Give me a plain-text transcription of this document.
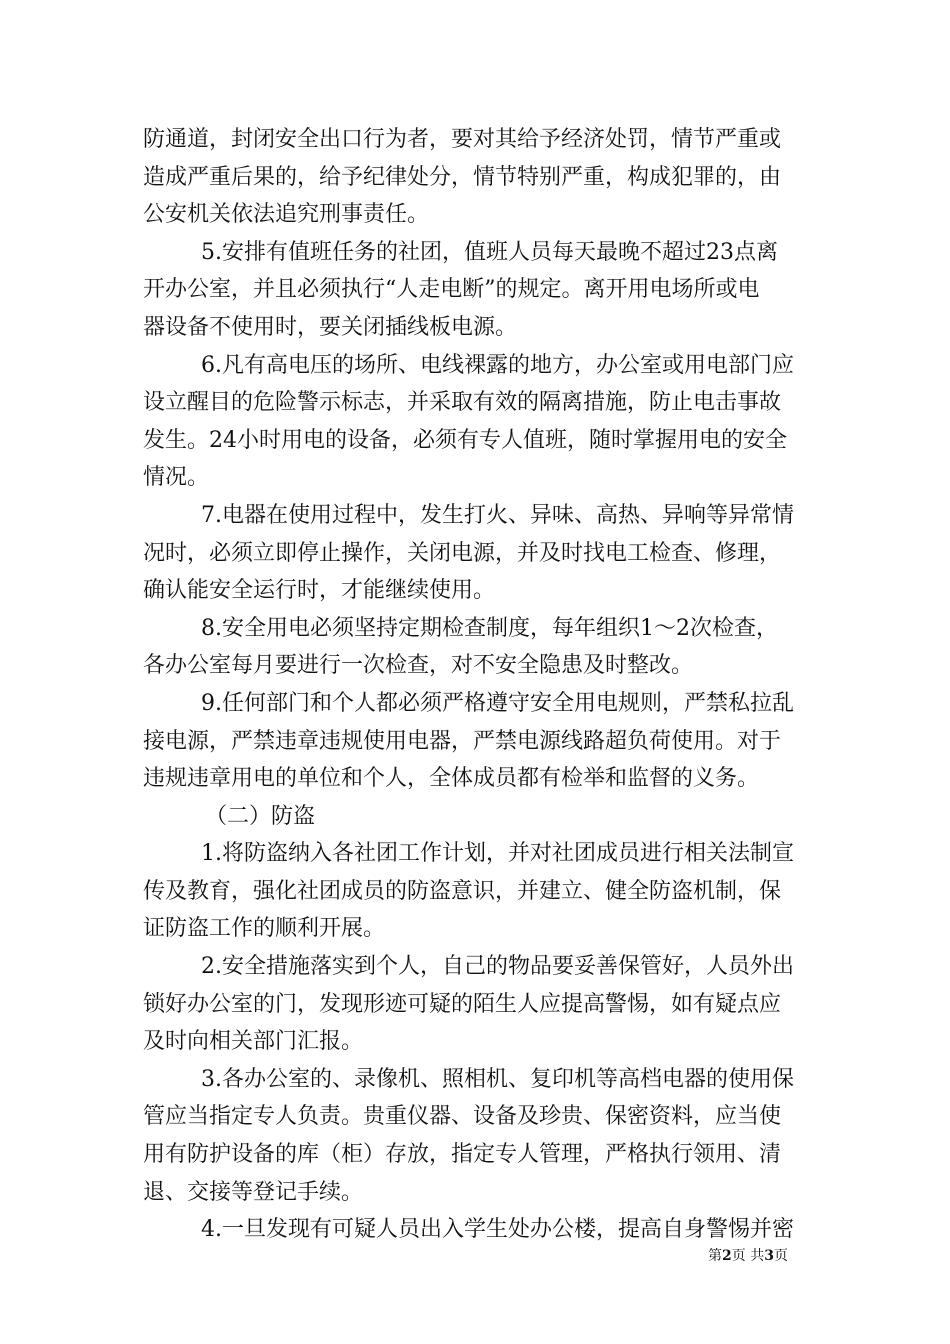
防通道，封闭安全出口行为者，要对其给予经济处罚，情节严重或
造成严重后果的，给予纪律处分，情节特别严重，构成犯罪的，由
公安机关依法追究刑事责任。
5.安排有值班任务的社团，值班人员每天最晚不超过23点离
开办公室，并且必须执行“人走电断”的规定。离开用电场所或电
器设备不使用时，要关闭插线板电源。
6.凡有高电压的场所、电线裸露的地方，办公室或用电部门应
设立醒目的危险警示标志，并采取有效的隔离措施，防止电击事故
发生。24小时用电的设备，必须有专人值班，随时掌握用电的安全
情况。
7.电器在使用过程中，发生打火、异味、高热、异响等异常情
况时，必须立即停止操作，关闭电源，并及时找电工检查、修理，
确认能安全运行时，才能继续使用。
8.安全用电必须坚持定期检查制度，每年组织1～2次检查，
各办公室每月要进行一次检查，对不安全隐患及时整改。
9.任何部门和个人都必须严格遵守安全用电规则，严禁私拉乱
接电源，严禁违章违规使用电器，严禁电源线路超负荷使用。对于
违规违章用电的单位和个人，全体成员都有检举和监督的义务。
（二）防盗
1.将防盗纳入各社团工作计划，并对社团成员进行相关法制宣
传及教育，强化社团成员的防盗意识，并建立、健全防盗机制，保
证防盗工作的顺利开展。
2.安全措施落实到个人，自己的物品要妥善保管好，人员外出
锁好办公室的门，发现形迹可疑的陌生人应提高警惕，如有疑点应
及时向相关部门汇报。
3.各办公室的、录像机、照相机、复印机等高档电器的使用保
管应当指定专人负责。贵重仪器、设备及珍贵、保密资料，应当使
用有防护设备的库（柜）存放，指定专人管理，严格执行领用、清
退、交接等登记手续。
4.一旦发现有可疑人员出入学生处办公楼，提高自身警惕并密
第2页 共3页
